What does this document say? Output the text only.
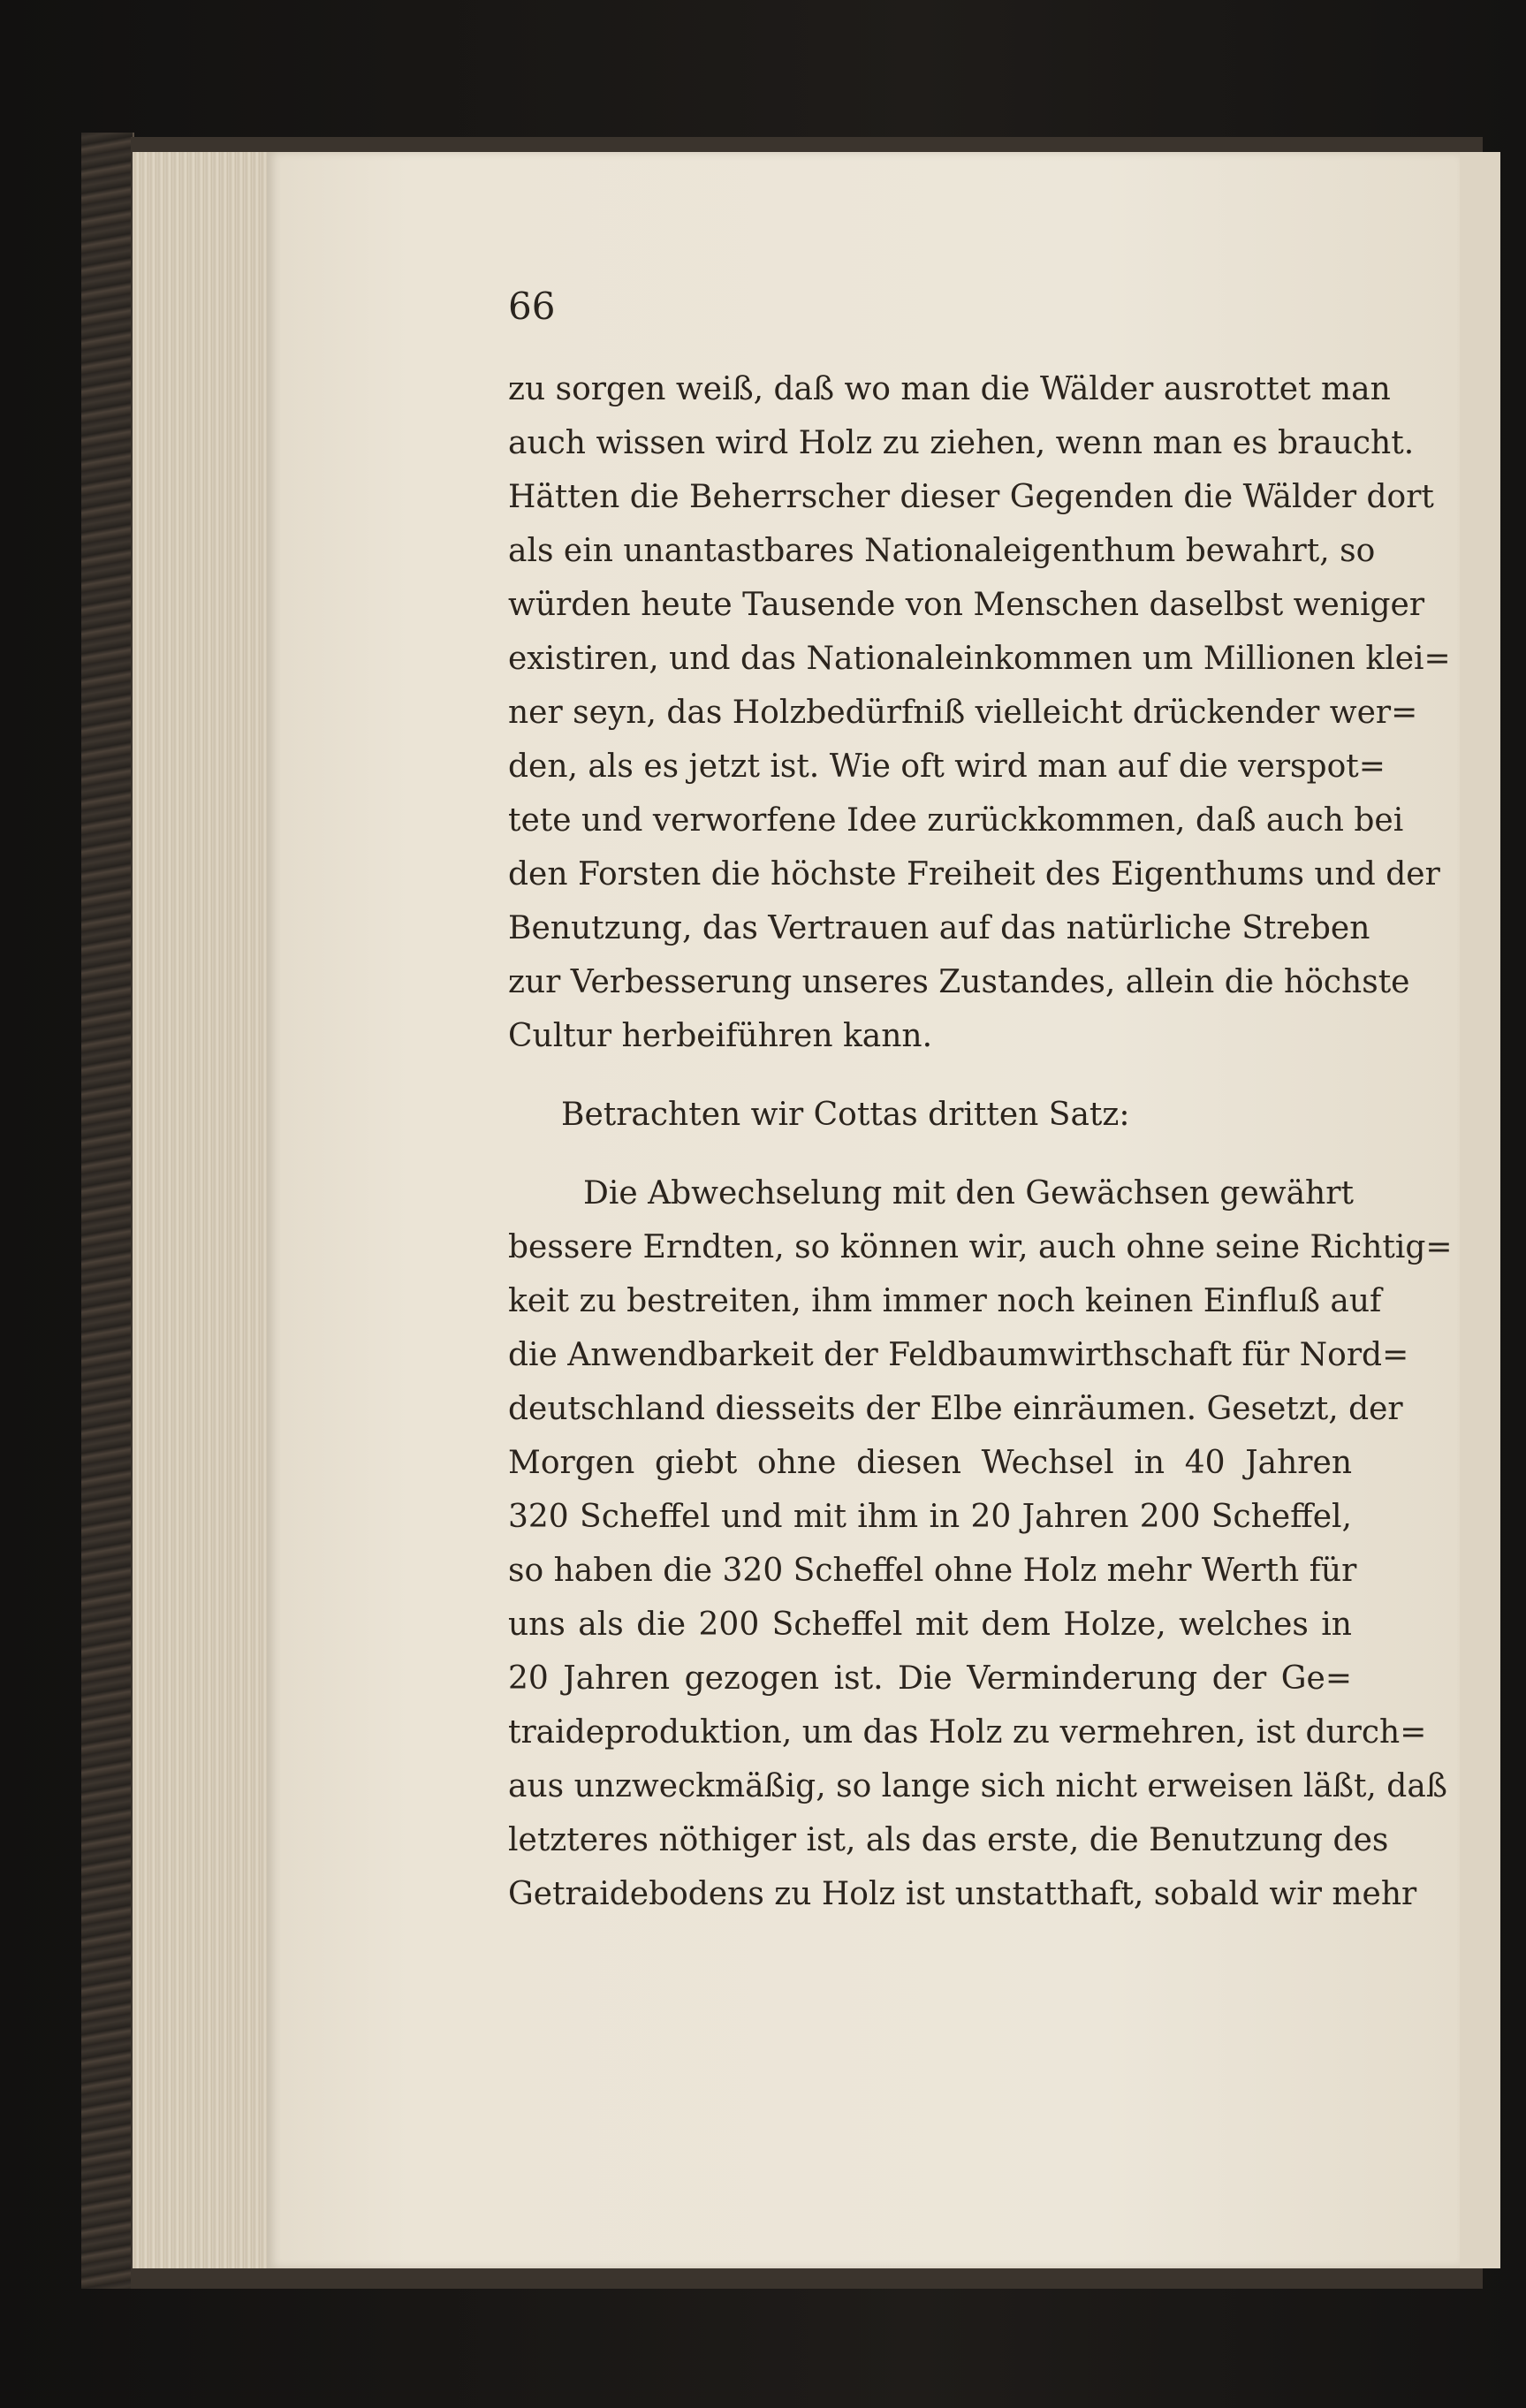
66

zu sorgen weiß, daß wo man die Wälder ausrottet man
auch wissen wird Holz zu ziehen, wenn man es braucht.
Hätten die Beherrscher dieser Gegenden die Wälder dort
als ein unantastbares Nationaleigenthum bewahrt, so
würden heute Tausende von Menschen daselbst weniger
existiren, und das Nationaleinkommen um Millionen klei=
ner seyn, das Holzbedürfniß vielleicht drückender wer=
den, als es jetzt ist. Wie oft wird man auf die verspot=
tete und verworfene Idee zurückkommen, daß auch bei
den Forsten die höchste Freiheit des Eigenthums und der
Benutzung, das Vertrauen auf das natürliche Streben
zur Verbesserung unseres Zustandes, allein die höchste
Cultur herbeiführen kann.

Betrachten wir Cottas dritten Satz:

Die Abwechselung mit den Gewächsen gewährt
bessere Erndten, so können wir, auch ohne seine Richtig=
keit zu bestreiten, ihm immer noch keinen Einfluß auf
die Anwendbarkeit der Feldbaumwirthschaft für Nord=
deutschland diesseits der Elbe einräumen. Gesetzt, der
Morgen giebt ohne diesen Wechsel in 40 Jahren
320 Scheffel und mit ihm in 20 Jahren 200 Scheffel,
so haben die 320 Scheffel ohne Holz mehr Werth für
uns als die 200 Scheffel mit dem Holze, welches in
20 Jahren gezogen ist. Die Verminderung der Ge=
traideproduktion, um das Holz zu vermehren, ist durch=
aus unzweckmäßig, so lange sich nicht erweisen läßt, daß
letzteres nöthiger ist, als das erste, die Benutzung des
Getraidebodens zu Holz ist unstatthaft, sobald wir mehr
